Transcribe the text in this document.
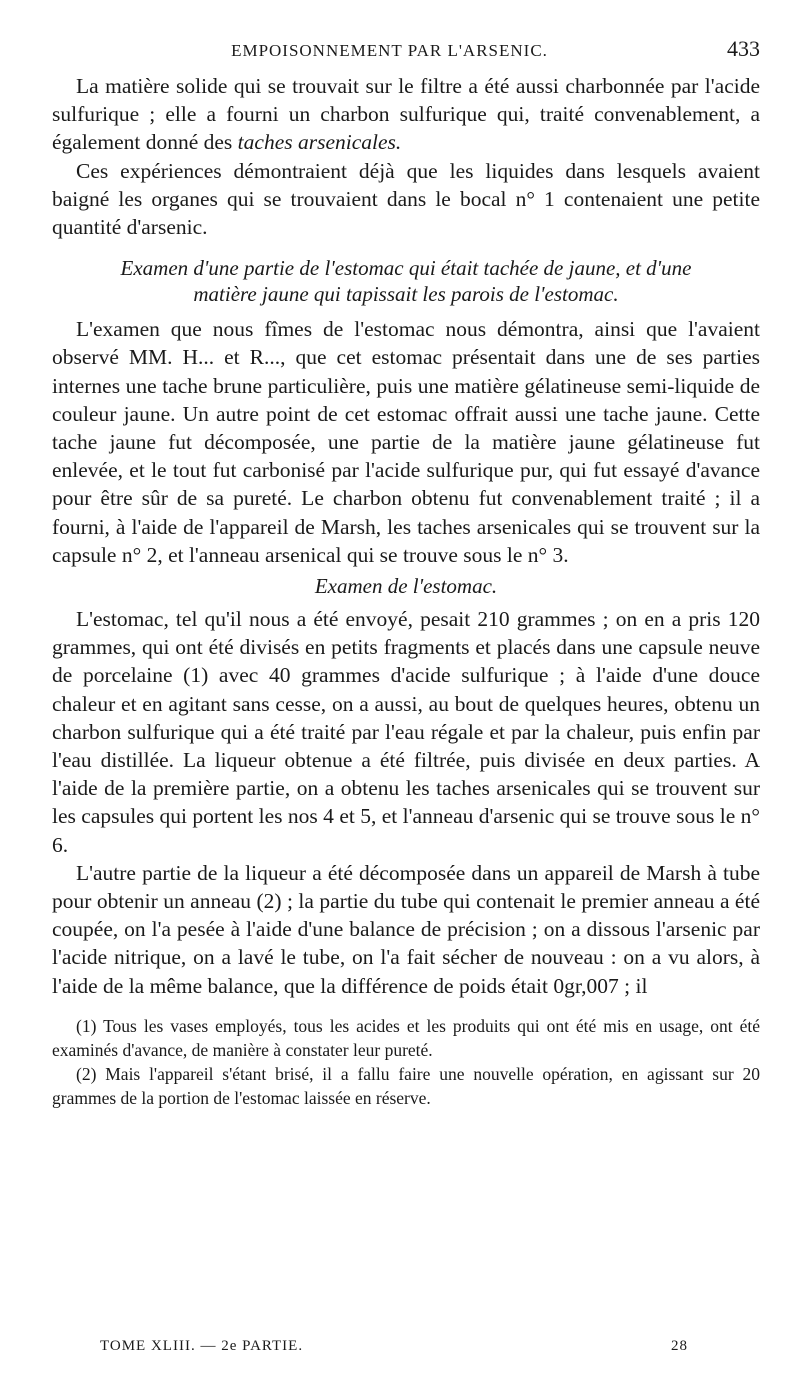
EMPOISONNEMENT PAR L'ARSENIC.	433

La matière solide qui se trouvait sur le filtre a été aussi charbonnée par l'acide sulfurique ; elle a fourni un charbon sulfurique qui, traité convenablement, a également donné des taches arsenicales.

Ces expériences démontraient déjà que les liquides dans lesquels avaient baigné les organes qui se trouvaient dans le bocal n° 1 contenaient une petite quantité d'arsenic.

Examen d'une partie de l'estomac qui était tachée de jaune, et d'une
matière jaune qui tapissait les parois de l'estomac.

L'examen que nous fîmes de l'estomac nous démontra, ainsi que l'avaient observé MM. H... et R..., que cet estomac présentait dans une de ses parties internes une tache brune particulière, puis une matière gélatineuse semi-liquide de couleur jaune. Un autre point de cet estomac offrait aussi une tache jaune. Cette tache jaune fut décomposée, une partie de la matière jaune gélatineuse fut enlevée, et le tout fut carbonisé par l'acide sulfurique pur, qui fut essayé d'avance pour être sûr de sa pureté. Le charbon obtenu fut convenablement traité ; il a fourni, à l'aide de l'appareil de Marsh, les taches arsenicales qui se trouvent sur la capsule n° 2, et l'anneau arsenical qui se trouve sous le n° 3.

Examen de l'estomac.

L'estomac, tel qu'il nous a été envoyé, pesait 210 grammes ; on en a pris 120 grammes, qui ont été divisés en petits fragments et placés dans une capsule neuve de porcelaine (1) avec 40 grammes d'acide sulfurique ; à l'aide d'une douce chaleur et en agitant sans cesse, on a aussi, au bout de quelques heures, obtenu un charbon sulfurique qui a été traité par l'eau régale et par la chaleur, puis enfin par l'eau distillée. La liqueur obtenue a été filtrée, puis divisée en deux parties. A l'aide de la première partie, on a obtenu les taches arsenicales qui se trouvent sur les capsules qui portent les nos 4 et 5, et l'anneau d'arsenic qui se trouve sous le n° 6.

L'autre partie de la liqueur a été décomposée dans un appareil de Marsh à tube pour obtenir un anneau (2) ; la partie du tube qui contenait le premier anneau a été coupée, on l'a pesée à l'aide d'une balance de précision ; on a dissous l'arsenic par l'acide nitrique, on a lavé le tube, on l'a fait sécher de nouveau : on a vu alors, à l'aide de la même balance, que la différence de poids était 0gr,007 ; il

(1) Tous les vases employés, tous les acides et les produits qui ont été mis en usage, ont été examinés d'avance, de manière à constater leur pureté.

(2) Mais l'appareil s'étant brisé, il a fallu faire une nouvelle opération, en agissant sur 20 grammes de la portion de l'estomac laissée en réserve.

TOME XLIII. — 2e PARTIE.	28
